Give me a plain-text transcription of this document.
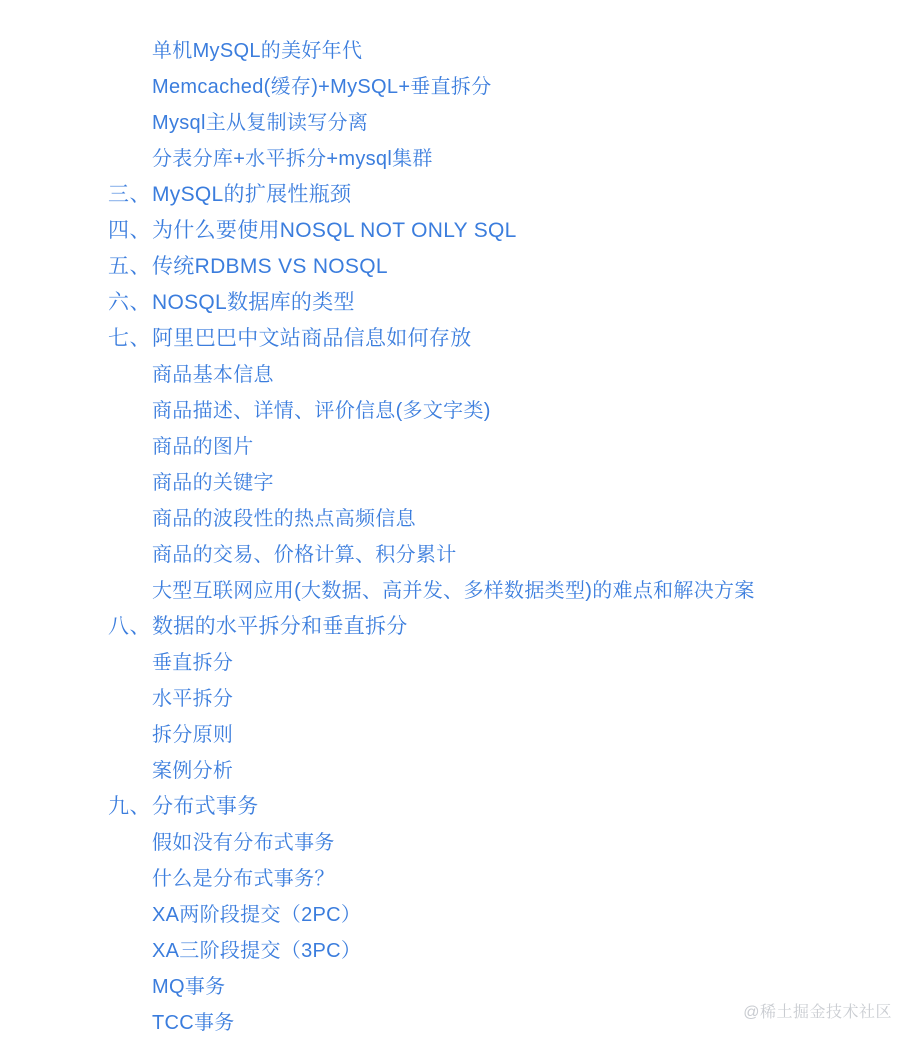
单机MySQL的美好年代
Memcached(缓存)+MySQL+垂直拆分
Mysql主从复制读写分离
分表分库+水平拆分+mysql集群
三、 MySQL的扩展性瓶颈
四、 为什么要使用NOSQL NOT ONLY SQL
五、 传统RDBMS VS NOSQL
六、 NOSQL数据库的类型
七、 阿里巴巴中文站商品信息如何存放
商品基本信息
商品描述、详情、评价信息(多文字类)
商品的图片
商品的关键字
商品的波段性的热点高频信息
商品的交易、价格计算、积分累计
大型互联网应用(大数据、高并发、多样数据类型)的难点和解决方案
八、 数据的水平拆分和垂直拆分
垂直拆分
水平拆分
拆分原则
案例分析
九、 分布式事务
假如没有分布式事务
什么是分布式事务？
XA两阶段提交（2PC）
XA三阶段提交（3PC）
MQ事务
TCC事务	@稀土掘金技术社区
